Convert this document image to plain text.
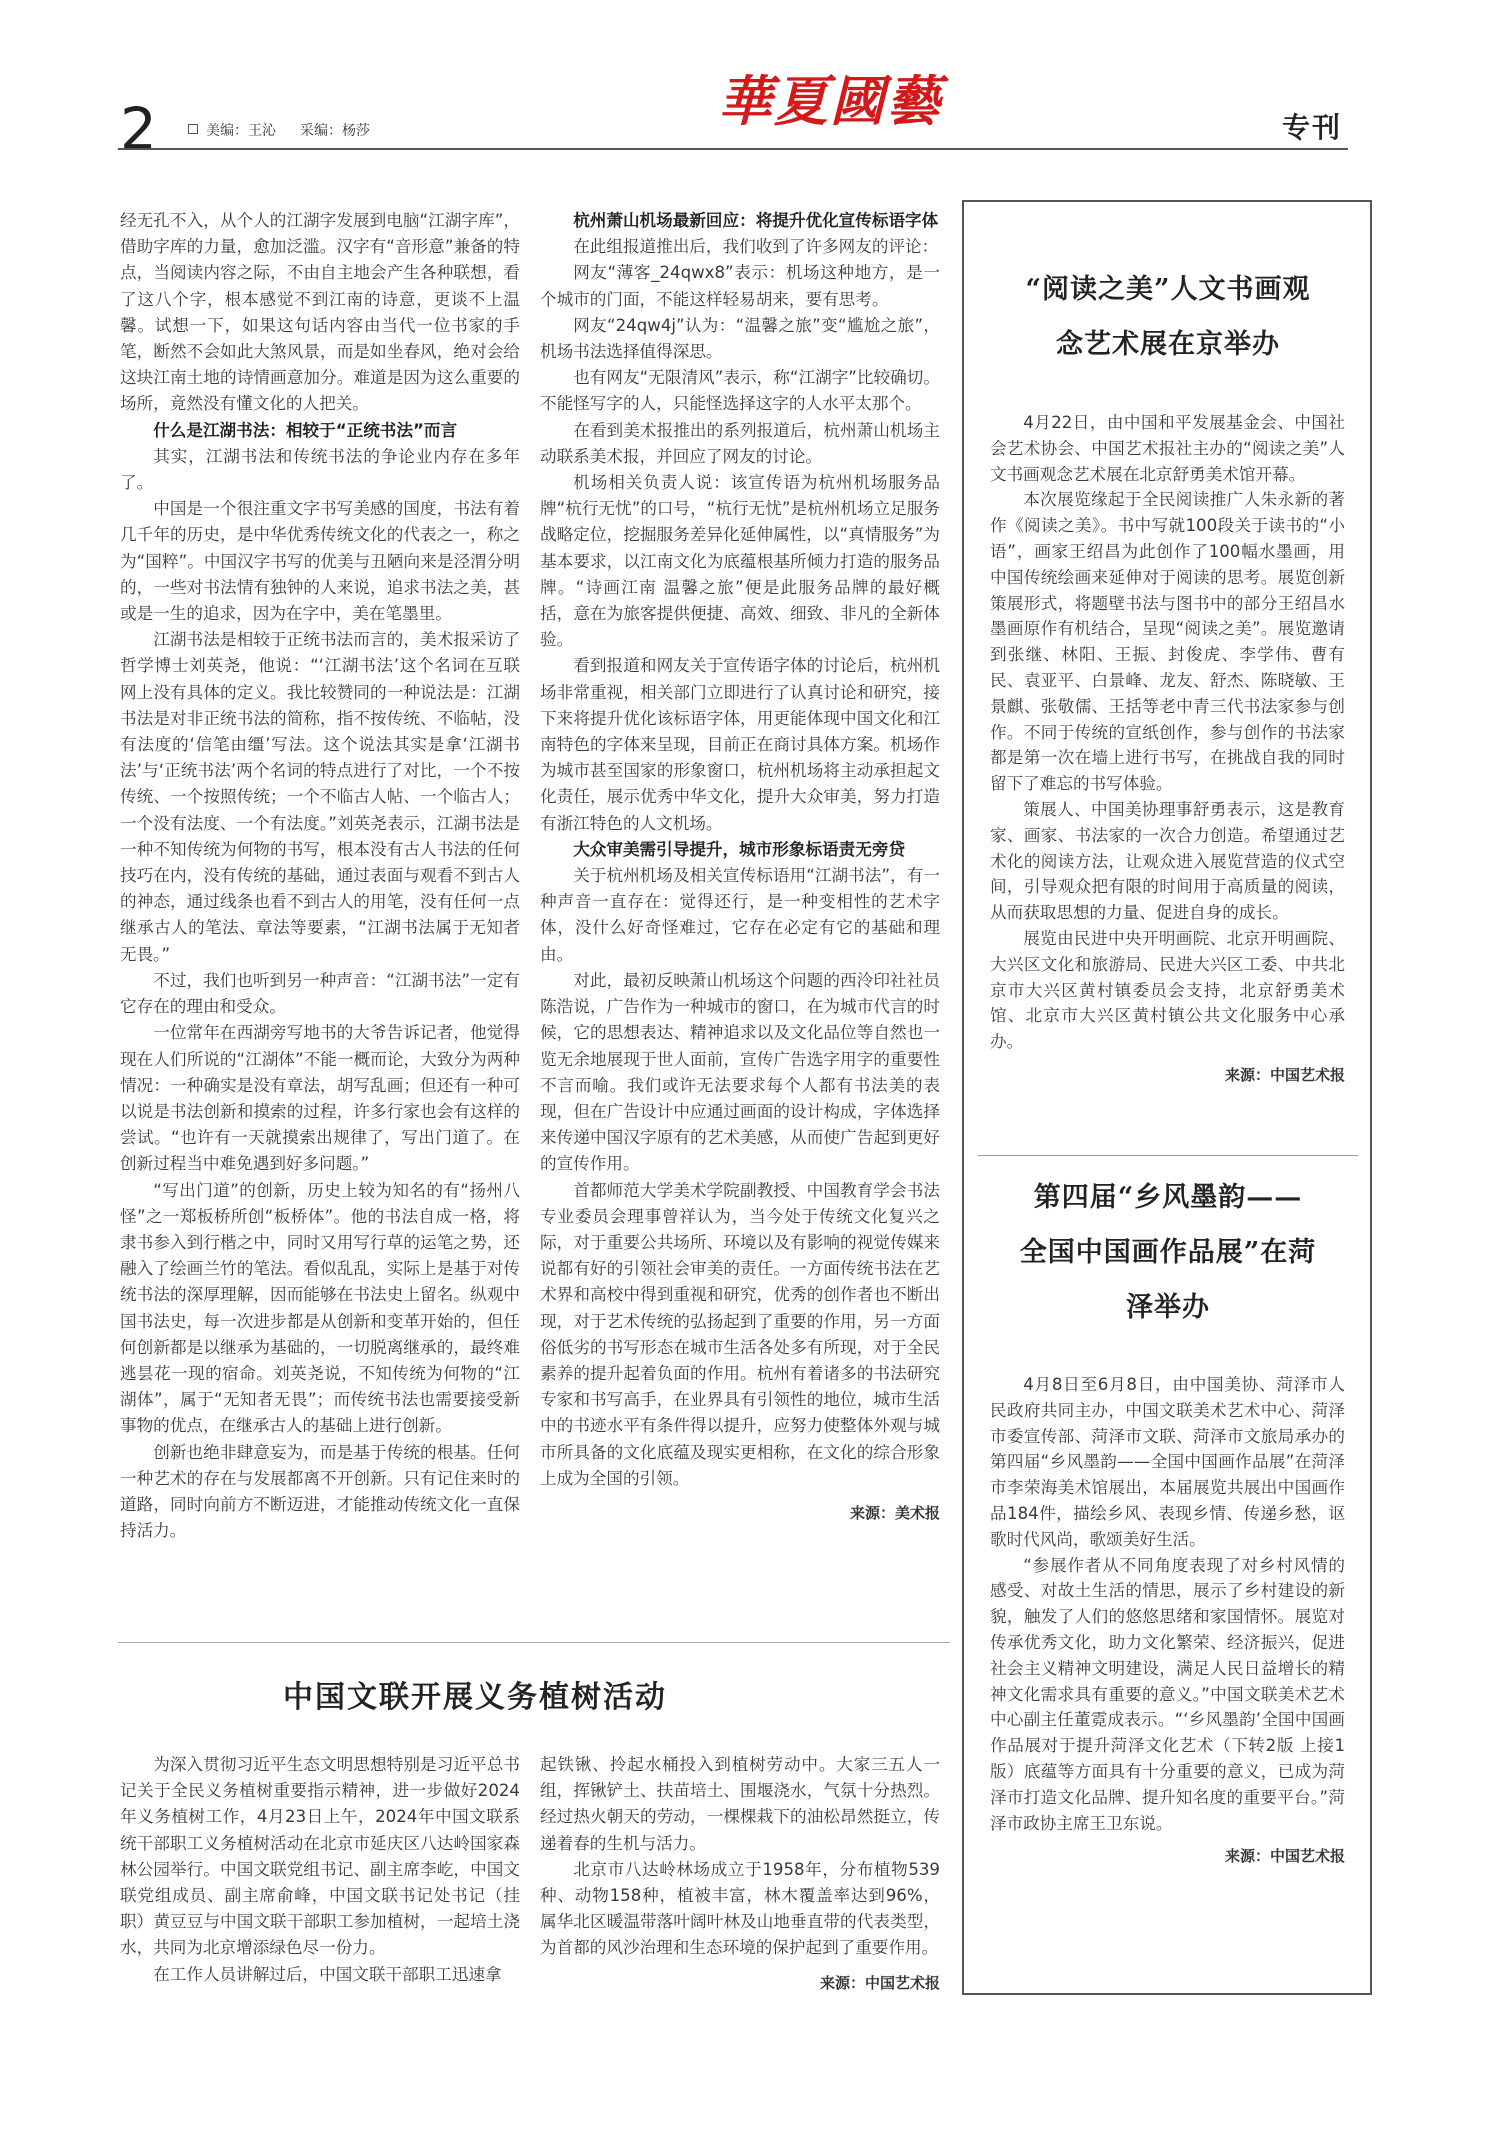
2	美编：王沁 采编：杨莎	華夏國藝	专刊

经无孔不入，从个人的江湖字发展到电脑“江湖字库”，借助字库的力量，愈加泛滥。汉字有“音形意”兼备的特点，当阅读内容之际，不由自主地会产生各种联想，看了这八个字，根本感觉不到江南的诗意，更谈不上温馨。试想一下，如果这句话内容由当代一位书家的手笔，断然不会如此大煞风景，而是如坐春风，绝对会给这块江南土地的诗情画意加分。难道是因为这么重要的场所，竟然没有懂文化的人把关。

什么是江湖书法：相较于“正统书法”而言

其实，江湖书法和传统书法的争论业内存在多年了。

中国是一个很注重文字书写美感的国度，书法有着几千年的历史，是中华优秀传统文化的代表之一，称之为“国粹”。中国汉字书写的优美与丑陋向来是泾渭分明的，一些对书法情有独钟的人来说，追求书法之美，甚或是一生的追求，因为在字中，美在笔墨里。

江湖书法是相较于正统书法而言的，美术报采访了哲学博士刘英尧，他说：“‘江湖书法’这个名词在互联网上没有具体的定义。我比较赞同的一种说法是：江湖书法是对非正统书法的简称，指不按传统、不临帖，没有法度的‘信笔由缰’写法。这个说法其实是拿‘江湖书法’与‘正统书法’两个名词的特点进行了对比，一个不按传统、一个按照传统；一个不临古人帖、一个临古人；一个没有法度、一个有法度。”刘英尧表示，江湖书法是一种不知传统为何物的书写，根本没有古人书法的任何技巧在内，没有传统的基础，通过表面与观看不到古人的神态，通过线条也看不到古人的用笔，没有任何一点继承古人的笔法、章法等要素，“江湖书法属于无知者无畏。”

不过，我们也听到另一种声音：“江湖书法”一定有它存在的理由和受众。

一位常年在西湖旁写地书的大爷告诉记者，他觉得现在人们所说的“江湖体”不能一概而论，大致分为两种情况：一种确实是没有章法，胡写乱画；但还有一种可以说是书法创新和摸索的过程，许多行家也会有这样的尝试。“也许有一天就摸索出规律了，写出门道了。在创新过程当中难免遇到好多问题。”

“写出门道”的创新，历史上较为知名的有“扬州八怪”之一郑板桥所创“板桥体”。他的书法自成一格，将隶书参入到行楷之中，同时又用写行草的运笔之势，还融入了绘画兰竹的笔法。看似乱乱，实际上是基于对传统书法的深厚理解，因而能够在书法史上留名。纵观中国书法史，每一次进步都是从创新和变革开始的，但任何创新都是以继承为基础的，一切脱离继承的，最终难逃昙花一现的宿命。刘英尧说，不知传统为何物的“江湖体”，属于“无知者无畏”；而传统书法也需要接受新事物的优点，在继承古人的基础上进行创新。

创新也绝非肆意妄为，而是基于传统的根基。任何一种艺术的存在与发展都离不开创新。只有记住来时的道路，同时向前方不断迈进，才能推动传统文化一直保持活力。

杭州萧山机场最新回应：将提升优化宣传标语字体

在此组报道推出后，我们收到了许多网友的评论：

网友“薄客_24qwx8”表示：机场这种地方，是一个城市的门面，不能这样轻易胡来，要有思考。

网友“24qw4j”认为：“温馨之旅”变“尴尬之旅”，机场书法选择值得深思。

也有网友“无限清风”表示，称“江湖字”比较确切。不能怪写字的人，只能怪选择这字的人水平太那个。

在看到美术报推出的系列报道后，杭州萧山机场主动联系美术报，并回应了网友的讨论。

机场相关负责人说：该宣传语为杭州机场服务品牌“杭行无忧”的口号，“杭行无忧”是杭州机场立足服务战略定位，挖掘服务差异化延伸属性，以“真情服务”为基本要求，以江南文化为底蕴根基所倾力打造的服务品牌。“诗画江南 温馨之旅”便是此服务品牌的最好概括，意在为旅客提供便捷、高效、细致、非凡的全新体验。

看到报道和网友关于宣传语字体的讨论后，杭州机场非常重视，相关部门立即进行了认真讨论和研究，接下来将提升优化该标语字体，用更能体现中国文化和江南特色的字体来呈现，目前正在商讨具体方案。机场作为城市甚至国家的形象窗口，杭州机场将主动承担起文化责任，展示优秀中华文化，提升大众审美，努力打造有浙江特色的人文机场。

大众审美需引导提升，城市形象标语责无旁贷

关于杭州机场及相关宣传标语用“江湖书法”，有一种声音一直存在：觉得还行，是一种变相性的艺术字体，没什么好奇怪难过，它存在必定有它的基础和理由。

对此，最初反映萧山机场这个问题的西泠印社社员陈浩说，广告作为一种城市的窗口，在为城市代言的时候，它的思想表达、精神追求以及文化品位等自然也一览无余地展现于世人面前，宣传广告选字用字的重要性不言而喻。我们或许无法要求每个人都有书法美的表现，但在广告设计中应通过画面的设计构成，字体选择来传递中国汉字原有的艺术美感，从而使广告起到更好的宣传作用。

首都师范大学美术学院副教授、中国教育学会书法专业委员会理事曾祥认为，当今处于传统文化复兴之际，对于重要公共场所、环境以及有影响的视觉传媒来说都有好的引领社会审美的责任。一方面传统书法在艺术界和高校中得到重视和研究，优秀的创作者也不断出现，对于艺术传统的弘扬起到了重要的作用，另一方面俗低劣的书写形态在城市生活各处多有所现，对于全民素养的提升起着负面的作用。杭州有着诸多的书法研究专家和书写高手，在业界具有引领性的地位，城市生活中的书迹水平有条件得以提升，应努力使整体外观与城市所具备的文化底蕴及现实更相称，在文化的综合形象上成为全国的引领。

来源：美术报

中国文联开展义务植树活动

为深入贯彻习近平生态文明思想特别是习近平总书记关于全民义务植树重要指示精神，进一步做好2024年义务植树工作，4月23日上午，2024年中国文联系统干部职工义务植树活动在北京市延庆区八达岭国家森林公园举行。中国文联党组书记、副主席李屹，中国文联党组成员、副主席俞峰，中国文联书记处书记（挂职）黄豆豆与中国文联干部职工参加植树，一起培土浇水，共同为北京增添绿色尽一份力。

在工作人员讲解过后，中国文联干部职工迅速拿

起铁锹、拎起水桶投入到植树劳动中。大家三五人一组，挥锹铲土、扶苗培土、围堰浇水，气氛十分热烈。经过热火朝天的劳动，一棵棵栽下的油松昂然挺立，传递着春的生机与活力。

北京市八达岭林场成立于1958年，分布植物539种、动物158种，植被丰富，林木覆盖率达到96%，属华北区暖温带落叶阔叶林及山地垂直带的代表类型，为首都的风沙治理和生态环境的保护起到了重要作用。

来源：中国艺术报

“阅读之美”人文书画观
念艺术展在京举办

4月22日，由中国和平发展基金会、中国社会艺术协会、中国艺术报社主办的“阅读之美”人文书画观念艺术展在北京舒勇美术馆开幕。

本次展览缘起于全民阅读推广人朱永新的著作《阅读之美》。书中写就100段关于读书的“小语”，画家王绍昌为此创作了100幅水墨画，用中国传统绘画来延伸对于阅读的思考。展览创新策展形式，将题壁书法与图书中的部分王绍昌水墨画原作有机结合，呈现“阅读之美”。展览邀请到张继、林阳、王振、封俊虎、李学伟、曹有民、袁亚平、白景峰、龙友、舒杰、陈晓敏、王景麒、张敬儒、王括等老中青三代书法家参与创作。不同于传统的宣纸创作，参与创作的书法家都是第一次在墙上进行书写，在挑战自我的同时留下了难忘的书写体验。

策展人、中国美协理事舒勇表示，这是教育家、画家、书法家的一次合力创造。希望通过艺术化的阅读方法，让观众进入展览营造的仪式空间，引导观众把有限的时间用于高质量的阅读，从而获取思想的力量、促进自身的成长。

展览由民进中央开明画院、北京开明画院、大兴区文化和旅游局、民进大兴区工委、中共北京市大兴区黄村镇委员会支持，北京舒勇美术馆、北京市大兴区黄村镇公共文化服务中心承办。

来源：中国艺术报

第四届“乡风墨韵——
全国中国画作品展”在菏
泽举办

4月8日至6月8日，由中国美协、菏泽市人民政府共同主办，中国文联美术艺术中心、菏泽市委宣传部、菏泽市文联、菏泽市文旅局承办的第四届“乡风墨韵——全国中国画作品展”在菏泽市李荣海美术馆展出，本届展览共展出中国画作品184件，描绘乡风、表现乡情、传递乡愁，讴歌时代风尚，歌颂美好生活。

“参展作者从不同角度表现了对乡村风情的感受、对故土生活的情思，展示了乡村建设的新貌，触发了人们的悠悠思绪和家国情怀。展览对传承优秀文化，助力文化繁荣、经济振兴，促进社会主义精神文明建设，满足人民日益增长的精神文化需求具有重要的意义。”中国文联美术艺术中心副主任董霓成表示。“‘乡风墨韵’全国中国画作品展对于提升菏泽文化艺术（下转2版 上接1版）底蕴等方面具有十分重要的意义，已成为菏泽市打造文化品牌、提升知名度的重要平台。”菏泽市政协主席王卫东说。

来源：中国艺术报
